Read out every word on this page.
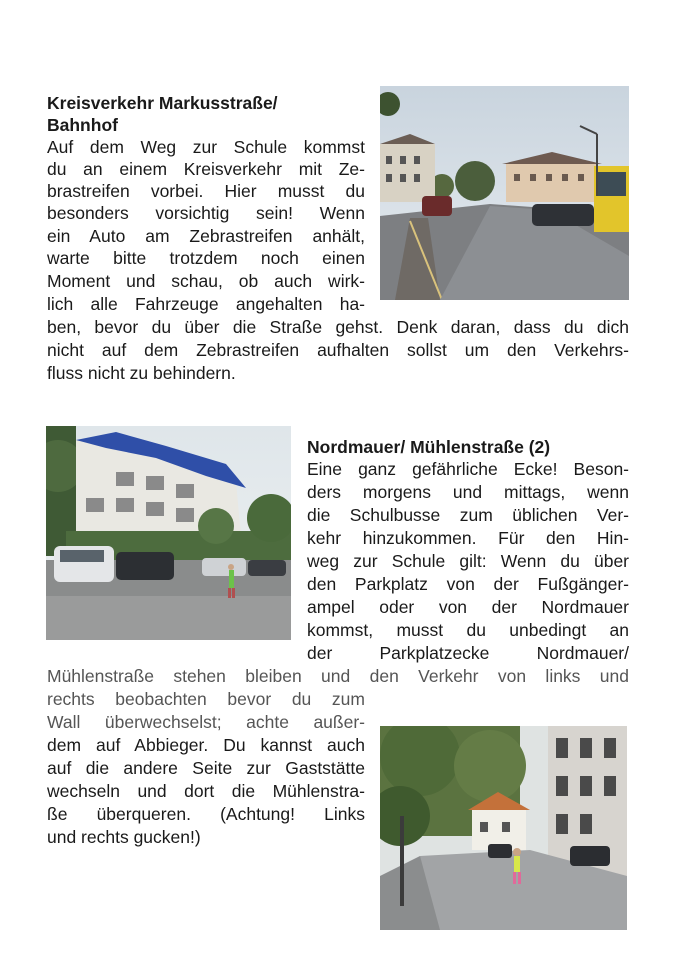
Kreisverkehr Markusstraße/
Bahnhof

Auf dem Weg zur Schule kommst

du an einem Kreisverkehr mit Ze-

brastreifen vorbei. Hier musst du

besonders vorsichtig sein! Wenn

ein Auto am Zebrastreifen anhält,

warte bitte trotzdem noch einen

Moment und schau, ob auch wirk-

lich alle Fahrzeuge angehalten ha-

ben, bevor du über die Straße gehst. Denk daran, dass du dich

nicht auf dem Zebrastreifen aufhalten sollst um den Verkehrs-

fluss nicht zu behindern.

Nordmauer/ Mühlenstraße (2)

Eine ganz gefährliche Ecke! Beson-

ders morgens und mittags, wenn

die Schulbusse zum üblichen Ver-

kehr hinzukommen. Für den Hin-

weg zur Schule gilt: Wenn du über

den Parkplatz von der Fußgänger-

ampel oder von der Nordmauer

kommst, musst du unbedingt an

der Parkplatzecke Nordmauer/

Mühlenstraße stehen bleiben und den Verkehr von links und

rechts beobachten bevor du zum

Wall überwechselst; achte außer-

dem auf Abbieger. Du kannst auch

auf die andere Seite zur Gaststätte

wechseln und dort die Mühlenstra-

ße überqueren. (Achtung! Links

und rechts gucken!)
